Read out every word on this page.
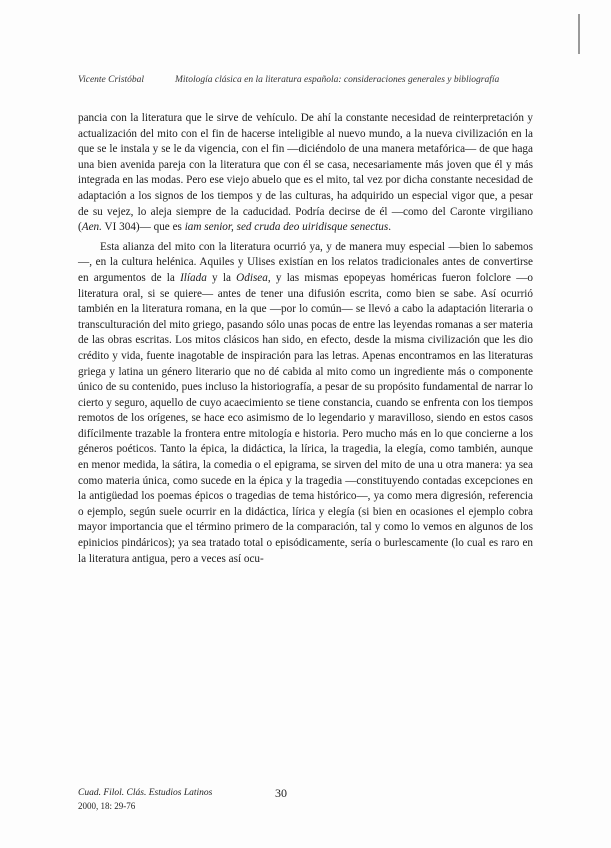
Vicente Cristóbal	Mitología clásica en la literatura española: consideraciones generales y bibliografía

pancia con la literatura que le sirve de vehículo. De ahí la constante necesidad de reinterpretación y actualización del mito con el fin de hacerse inteligible al nuevo mundo, a la nueva civilización en la que se le instala y se le da vigencia, con el fin —diciéndolo de una manera metafórica— de que haga una bien avenida pareja con la literatura que con él se casa, necesariamente más joven que él y más integrada en las modas. Pero ese viejo abuelo que es el mito, tal vez por dicha constante necesidad de adaptación a los signos de los tiempos y de las culturas, ha adquirido un especial vigor que, a pesar de su vejez, lo aleja siempre de la caducidad. Podría decirse de él —como del Caronte virgiliano (Aen. VI 304)— que es iam senior, sed cruda deo uiridisque senectus.

Esta alianza del mito con la literatura ocurrió ya, y de manera muy especial —bien lo sabemos—, en la cultura helénica. Aquiles y Ulises existían en los relatos tradicionales antes de convertirse en argumentos de la Ilíada y la Odisea, y las mismas epopeyas homéricas fueron folclore —o literatura oral, si se quiere— antes de tener una difusión escrita, como bien se sabe. Así ocurrió también en la literatura romana, en la que —por lo común— se llevó a cabo la adaptación literaria o transculturación del mito griego, pasando sólo unas pocas de entre las leyendas romanas a ser materia de las obras escritas. Los mitos clásicos han sido, en efecto, desde la misma civilización que les dio crédito y vida, fuente inagotable de inspiración para las letras. Apenas encontramos en las literaturas griega y latina un género literario que no dé cabida al mito como un ingrediente más o componente único de su contenido, pues incluso la historiografía, a pesar de su propósito fundamental de narrar lo cierto y seguro, aquello de cuyo acaecimiento se tiene constancia, cuando se enfrenta con los tiempos remotos de los orígenes, se hace eco asimismo de lo legendario y maravilloso, siendo en estos casos difícilmente trazable la frontera entre mitología e historia. Pero mucho más en lo que concierne a los géneros poéticos. Tanto la épica, la didáctica, la lírica, la tragedia, la elegía, como también, aunque en menor medida, la sátira, la comedia o el epigrama, se sirven del mito de una u otra manera: ya sea como materia única, como sucede en la épica y la tragedia —constituyendo contadas excepciones en la antigüedad los poemas épicos o tragedias de tema histórico—, ya como mera digresión, referencia o ejemplo, según suele ocurrir en la didáctica, lírica y elegía (si bien en ocasiones el ejemplo cobra mayor importancia que el término primero de la comparación, tal y como lo vemos en algunos de los epinicios pindáricos); ya sea tratado total o episódicamente, sería o burlescamente (lo cual es raro en la literatura antigua, pero a veces así ocu-

Cuad. Filol. Clás. Estudios Latinos
2000, 18: 29-76
30
